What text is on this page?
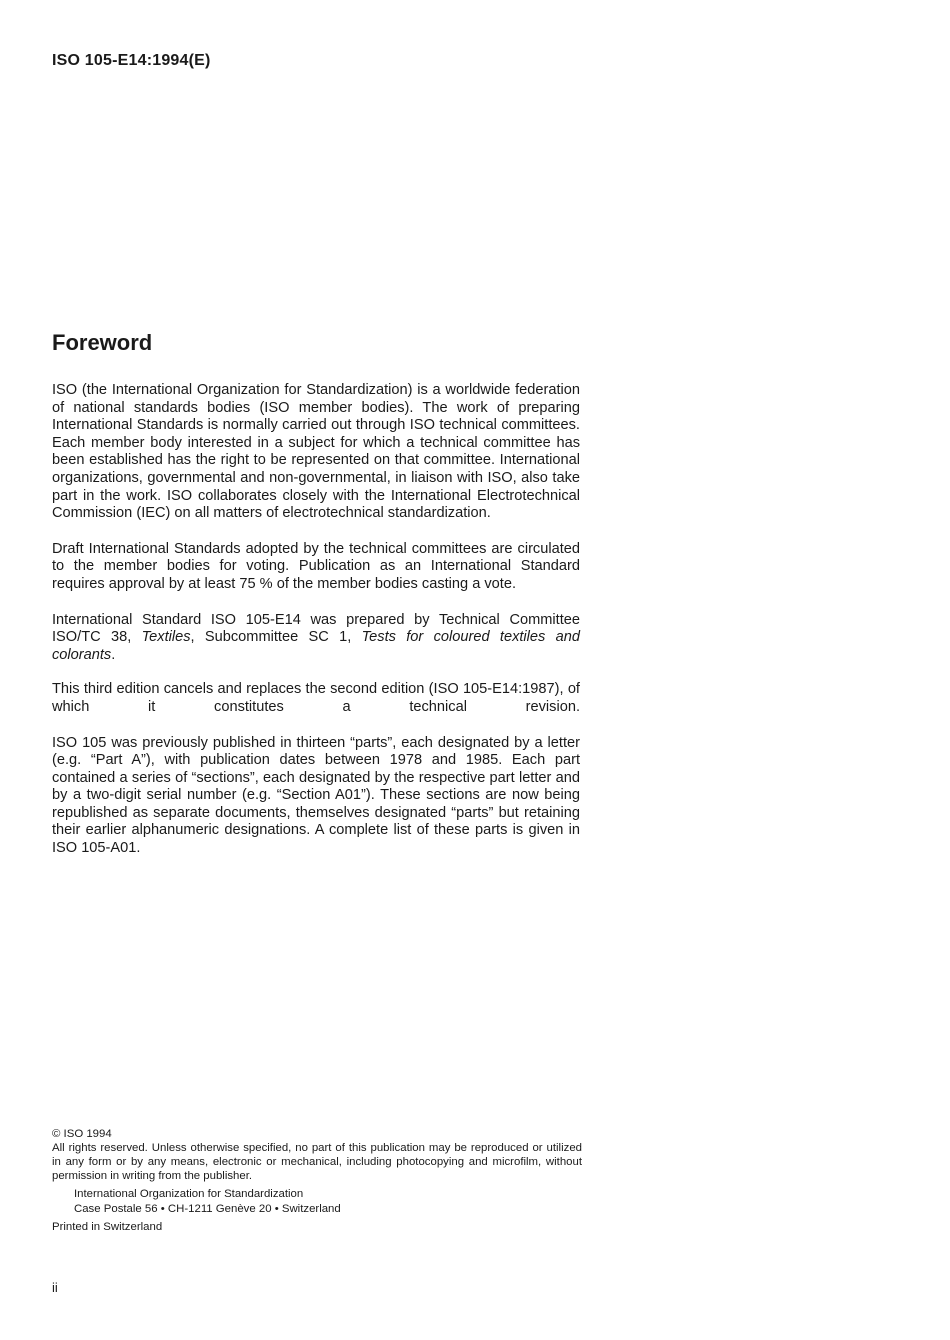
ISO 105-E14:1994(E)
Foreword

ISO (the International Organization for Standardization) is a worldwide federation of national standards bodies (ISO member bodies). The work of preparing International Standards is normally carried out through ISO technical committees. Each member body interested in a subject for which a technical committee has been established has the right to be represented on that committee. International organizations, governmental and non-governmental, in liaison with ISO, also take part in the work. ISO collaborates closely with the International Electrotechnical Commission (IEC) on all matters of electrotechnical standardization.

Draft International Standards adopted by the technical committees are circulated to the member bodies for voting. Publication as an International Standard requires approval by at least 75 % of the member bodies casting a vote.

International Standard ISO 105-E14 was prepared by Technical Committee ISO/TC 38, Textiles, Subcommittee SC 1, Tests for coloured textiles and colorants.

This third edition cancels and replaces the second edition (ISO 105-E14:1987), of which it constitutes a technical revision.

ISO 105 was previously published in thirteen “parts”, each designated by a letter (e.g. “Part A”), with publication dates between 1978 and 1985. Each part contained a series of “sections”, each designated by the respective part letter and by a two-digit serial number (e.g. “Section A01”). These sections are now being republished as separate documents, themselves designated “parts” but retaining their earlier alphanumeric designations. A complete list of these parts is given in ISO 105-A01.

© ISO 1994

All rights reserved. Unless otherwise specified, no part of this publication may be reproduced or utilized in any form or by any means, electronic or mechanical, including photocopying and microfilm, without permission in writing from the publisher.

International Organization for Standardization
Case Postale 56 • CH-1211 Genève 20 • Switzerland
Printed in Switzerland
ii
